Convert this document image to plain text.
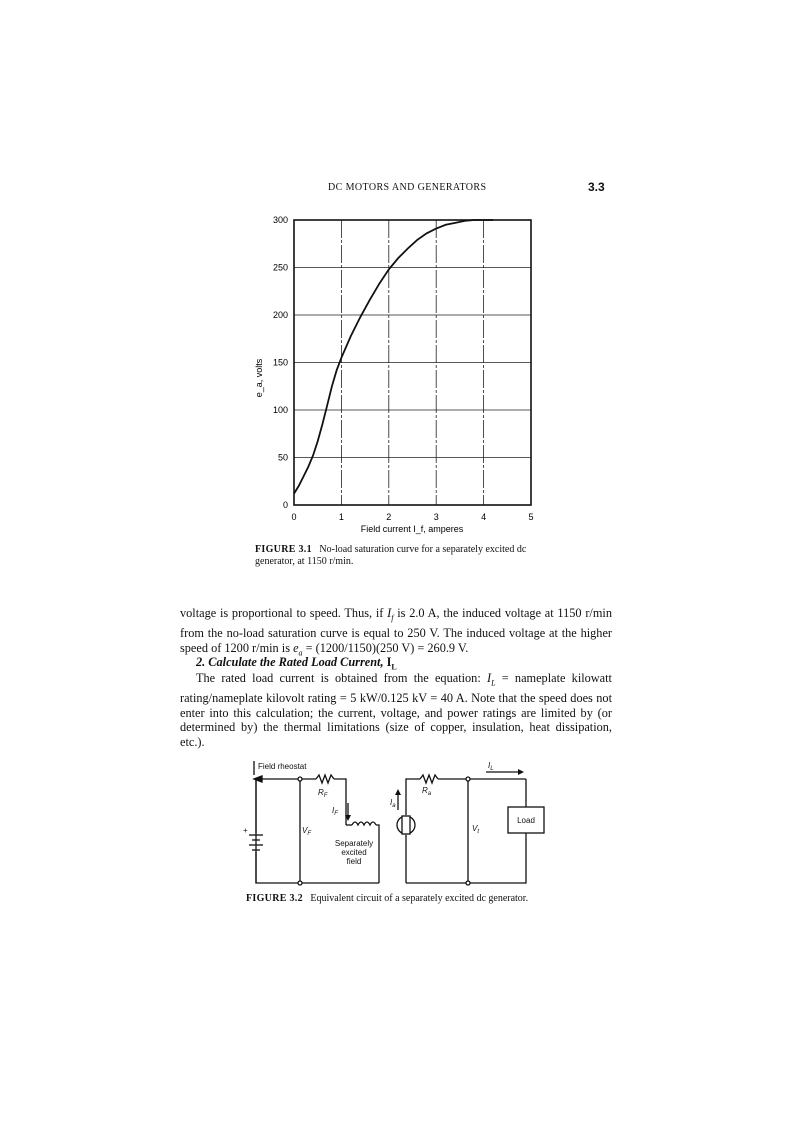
DC MOTORS AND GENERATORS	3.3
0
50
100
150
200
250
300
0	1	2	3	4	5
e_a, volts
Field current I_f, amperes
FIGURE 3.1 No-load saturation curve for a separately excited dc generator, at 1150 r/min.
voltage is proportional to speed. Thus, if $I_f$ is 2.0 A, the induced voltage at 1150 r/min from the no-load saturation curve is equal to 250 V. The induced voltage at the higher speed of 1200 r/min is $e_a = (1200/1150)(250$ V) = 260.9 V.
2. Calculate the Rated Load Current, $I_L$
The rated load current is obtained from the equation: $I_L$ = nameplate kilowatt rating/nameplate kilovolt rating = 5 kW/0.125 kV = 40 A. Note that the speed does not enter into this calculation; the current, voltage, and power ratings are limited by (or determined by) the thermal limitations (size of copper, insulation, heat dissipation, etc.).
Field rheostat
+
$R_F$
$I_F$
$V_F$
Separately
excited
field
$I_a$
$R_a$
$I_L$
$V_t$
Load
FIGURE 3.2 Equivalent circuit of a separately excited dc generator.
